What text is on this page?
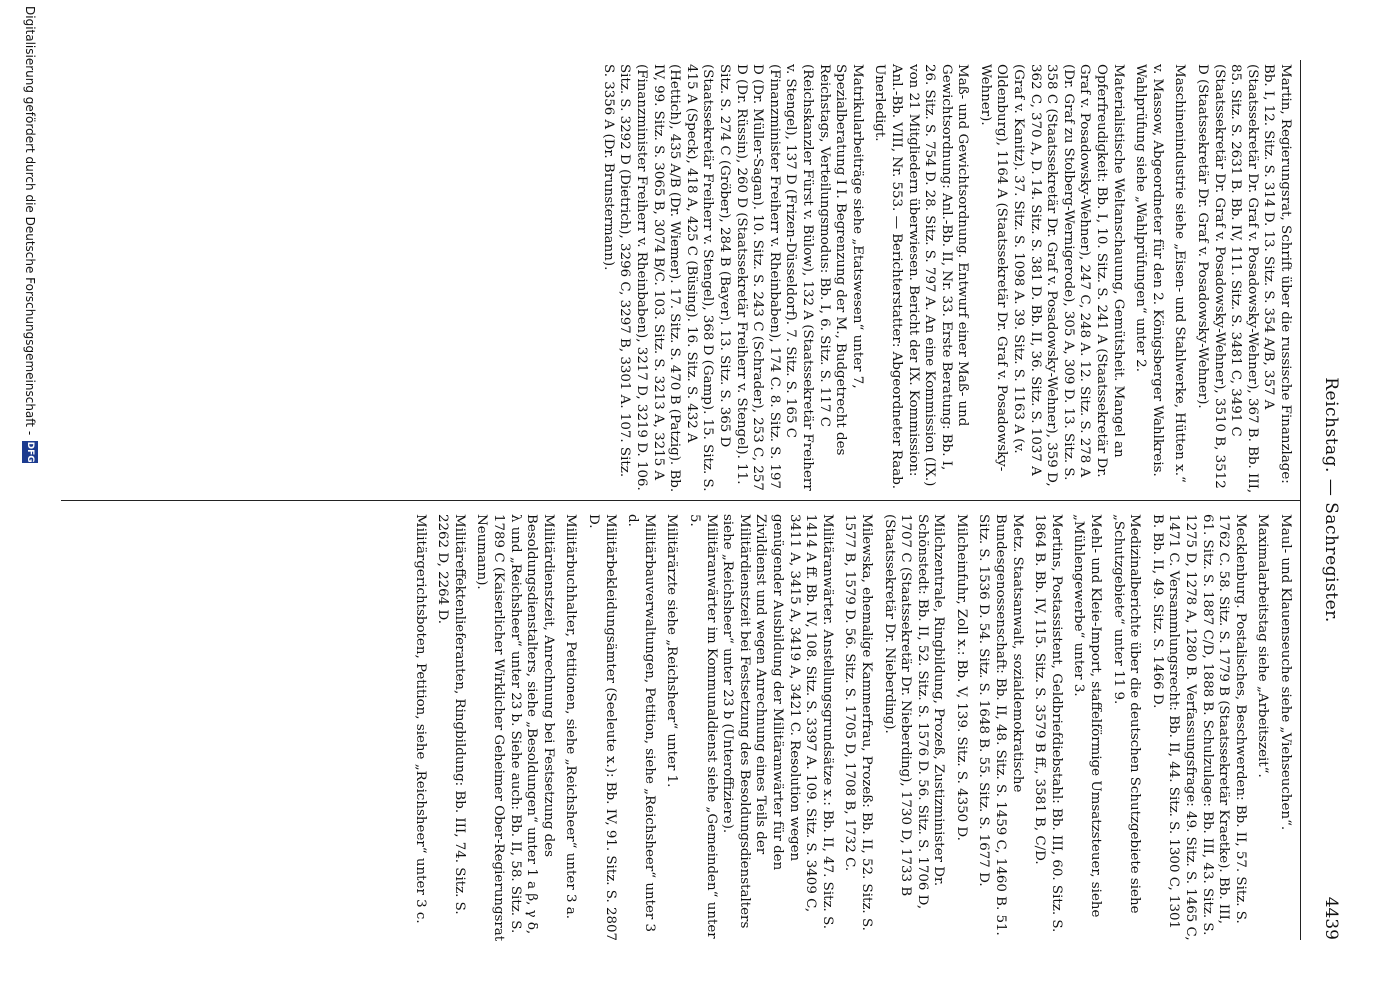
Reichstag. — Sachregister.
4439

Martin, Regierungsrat, Schrift über die russische Finanzlage: Bb. I, 12. Sitz. S. 314 D. 13. Sitz. S. 354 A/B, 357 A (Staatssekretär Dr. Graf v. Posadowsky-Wehner), 367 B. Bb. III, 85. Sitz. S. 2631 B. Bb. IV, 111. Sitz. S. 3481 C, 3491 C (Staatssekretär Dr. Graf v. Posadowsky-Wehner), 3510 B, 3512 D (Staatssekretär Dr. Graf v. Posadowsky-Wehner).

Maschinenindustrie siehe „Eisen- und Stahlwerke, Hütten x.“

v. Massow, Abgeordneter für den 2. Königsberger Wahlkreis. Wahlprüfung siehe „Wahlprüfungen“ unter 2.

Materialistische Weltanschauung, Gemütsheit. Mangel an Opferfreudigkeit: Bb. I, 10. Sitz. S. 241 A (Staatssekretär Dr. Graf v. Posadowsky-Wehner), 247 C, 248 A. 12. Sitz. S. 278 A (Dr. Graf zu Stolberg-Wernigerode), 305 A, 309 D. 13. Sitz. S. 358 C (Staatssekretär Dr. Graf v. Posadowsky-Wehner), 359 D, 362 C, 370 A, D. 14. Sitz. S. 381 D. Bb. II, 36. Sitz. S. 1037 A (Graf v. Kanitz). 37. Sitz. S. 1098 A. 39. Sitz. S. 1163 A (v. Oldenburg), 1164 A (Staatssekretär Dr. Graf v. Posadowsky-Wehner).

Maß- und Gewichtsordnung. Entwurf einer Maß- und Gewichtsordnung: Anl.-Bb. II, Nr. 33. Erste Beratung: Bb. I, 26. Sitz. S. 754 D. 28. Sitz. S. 797 A. An eine Kommission (IX.) von 21 Mitgliedern überwiesen. Bericht der IX. Kommission: Anl.-Bb. VIII, Nr. 553. — Berichterstatter: Abgeordneter Raab. Unerledigt.

Matrikularbeiträge siehe „Etatswesen“ unter 7, Spezialberatung I I. Begrenzung der M., Budgetrecht des Reichstags, Verteilungsmodus: Bb. I, 6. Sitz. S. 117 C (Reichskanzler Fürst v. Bülow), 132 A (Staatssekretär Freiherr v. Stengel), 137 D (Frizen-Düsseldorf). 7. Sitz. S. 165 C (Finanzminister Freiherr v. Rheinbaben), 174 C. 8. Sitz. S. 197 D (Dr. Müller-Sagan). 10. Sitz. S. 243 C (Schrader), 253 C, 257 D (Dr. Rüssin), 260 D (Staatssekretär Freiherr v. Stengel). 11. Sitz. S. 274 C (Gröber), 284 B (Bayer). 13. Sitz. S. 365 D (Staatssekretär Freiherr v. Stengel), 368 D (Gamp). 15. Sitz. S. 415 A (Speck), 418 A, 425 C (Büsing). 16. Sitz. S. 432 A (Hettich), 435 A/B (Dr. Wiemer). 17. Sitz. S. 470 B (Patzig). Bb. IV, 99. Sitz. S. 3065 B, 3074 B/C. 103. Sitz. S. 3213 A, 3215 A (Finanzminister Freiherr v. Rheinbaben), 3217 D, 3219 D. 106. Sitz. S. 3292 D (Dietrich), 3296 C, 3297 B, 3301 A. 107. Sitz. S. 3356 A (Dr. Brunstermann).

Maul- und Klauenseuche siehe „Viehseuchen“.

Maximalarbeitstag siehe „Arbeitszeit“.

Mecklenburg. Postalisches, Beschwerden: Bb. II, 57. Sitz. S. 1762 C. 58. Sitz. S. 1779 B (Staatssekretär Kraetke). Bb. III, 61. Sitz. S. 1887 C/D, 1888 B. Schulzulage: Bb. III, 43. Sitz. S. 1275 D, 1278 A, 1280 B. Verfassungsfrage: 49. Sitz. S. 1465 C, 1471 C. Versammlungsrecht: Bb. II, 44. Sitz. S. 1300 C, 1301 B. Bb. II, 49. Sitz. S. 1466 D.

Medizinalberichte über die deutschen Schutzgebiete siehe „Schutzgebiete“ unter 11 9.

Mehl- und Kleie-Import, staffelförmige Umsatzsteuer, siehe „Mühlengewerbe“ unter 3.

Mertins, Postassistent, Geldbriefdiebstahl: Bb. III, 60. Sitz. S. 1864 B. Bb. IV, 115. Sitz. S. 3579 B ff., 3581 B, C/D.

Metz. Staatsanwalt, sozialdemokratische Bundesgenossenschaft: Bb. II, 48. Sitz. S. 1459 C, 1460 B. 51. Sitz. S. 1536 D. 54. Sitz. S. 1648 B. 55. Sitz. S. 1677 D.

Milcheinfuhr, Zoll x.: Bb. V, 139. Sitz. S. 4350 D.

Milchzentrale, Ringbildung, Prozeß, Zustizminister Dr. Schönstedt: Bb. II, 52. Sitz. S. 1576 D. 56. Sitz. S. 1706 D, 1707 C (Staatssekretär Dr. Nieberding), 1730 D, 1733 B (Staatssekretär Dr. Nieberding).

Milewska, ehemalige Kammerfrau, Prozeß: Bb. II, 52. Sitz. S. 1577 B, 1579 D. 56. Sitz. S. 1705 D, 1708 B, 1732 C.

Militäranwärter. Anstellungsgrundsätze x.: Bb. II, 47. Sitz. S. 1414 A ff. Bb. IV, 108. Sitz. S. 3397 A. 109. Sitz. S. 3409 C, 3411 A, 3415 A, 3419 A, 3421 C. Resolution wegen genügender Ausbildung der Militäranwärter für den Zivildienst und wegen Anrechnung eines Teils der Militärdienstzeit bei Festsetzung des Besoldungsdienstalters siehe „Reichsheer“ unter 23 b (Unteroffiziere). Militäranwärter im Kommunaldienst siehe „Gemeinden“ unter 5.

Militärärzte siehe „Reichsheer“ unter 1.

Militärbauverwaltungen, Petition, siehe „Reichsheer“ unter 3 d.

Militärbekleidungsämter (Seeleute x.): Bb. IV, 91. Sitz. S. 2807 D.

Militärbuchhalter, Petitionen, siehe „Reichsheer“ unter 3 a.

Militärdienstzeit, Anrechnung bei Festsetzung des Besoldungsdienstalters, siehe „Besoldungen“ unter 1 a β, γ δ, λ und „Reichsheer“ unter 23 b. Siehe auch: Bb. II, 58. Sitz. S. 1789 C (Kaiserlicher Wirklicher Geheimer Ober-Regierungsrat Neumann).

Militäreffektenlieferanten, Ringbildung: Bb. III, 74. Sitz. S. 2262 D, 2264 D.

Militärgerichtsboten, Petition, siehe „Reichsheer“ unter 3 c.

Digitalisierung gefördert durch die Deutsche Forschungsgemeinschaft -
DFG
